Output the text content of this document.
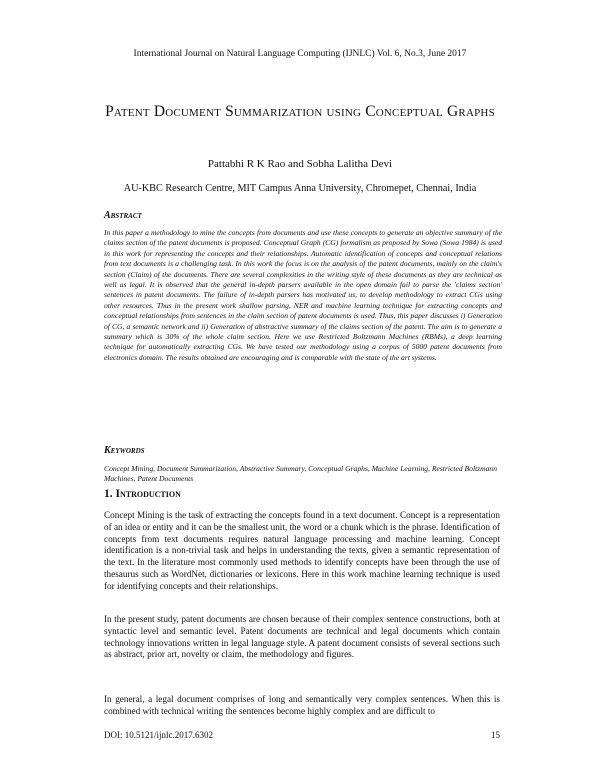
International Journal on Natural Language Computing (IJNLC) Vol. 6, No.3, June 2017
Patent Document Summarization using Conceptual Graphs
Pattabhi R K Rao and Sobha Lalitha Devi
AU-KBC Research Centre, MIT Campus Anna University, Chromepet, Chennai, India
Abstract
In this paper a methodology to mine the concepts from documents and use these concepts to generate an objective summary of the claims section of the patent documents is proposed. Conceptual Graph (CG) formalism as proposed by Sowa (Sowa 1984) is used in this work for representing the concepts and their relationships. Automatic identification of concepts and conceptual relations from text documents is a challenging task. In this work the focus is on the analysis of the patent documents, mainly on the claim's section (Claim) of the documents. There are several complexities in the writing style of these documents as they are technical as well as legal. It is observed that the general in-depth parsers available in the open domain fail to parse the 'claims section' sentences in patent documents. The failure of in-depth parsers has motivated us, to develop methodology to extract CGs using other resources. Thus in the present work shallow parsing, NER and machine learning technique for extracting concepts and conceptual relationships from sentences in the claim section of patent documents is used. Thus, this paper discusses i) Generation of CG, a semantic network and ii) Generation of abstractive summary of the claims section of the patent. The aim is to generate a summary which is 30% of the whole claim section. Here we use Restricted Boltzmann Machines (RBMs), a deep learning technique for automatically extracting CGs. We have tested our methodology using a corpus of 5000 patent documents from electronics domain. The results obtained are encouraging and is comparable with the state of the art systems.
Keywords
Concept Mining, Document Summarization, Abstractive Summary, Conceptual Graphs, Machine Learning, Restricted Boltzmann Machines, Patent Documents
1. Introduction
Concept Mining is the task of extracting the concepts found in a text document. Concept is a representation of an idea or entity and it can be the smallest unit, the word or a chunk which is the phrase. Identification of concepts from text documents requires natural language processing and machine learning. Concept identification is a non-trivial task and helps in understanding the texts, given a semantic representation of the text. In the literature most commonly used methods to identify concepts have been through the use of thesaurus such as WordNet, dictionaries or lexicons. Here in this work machine learning technique is used for identifying concepts and their relationships.
In the present study, patent documents are chosen because of their complex sentence constructions, both at syntactic level and semantic level. Patent documents are technical and legal documents which contain technology innovations written in legal language style. A patent document consists of several sections such as abstract, prior art, novelty or claim, the methodology and figures.
In general, a legal document comprises of long and semantically very complex sentences. When this is combined with technical writing the sentences become highly complex and are difficult to
DOI: 10.5121/ijnlc.2017.6302	15
